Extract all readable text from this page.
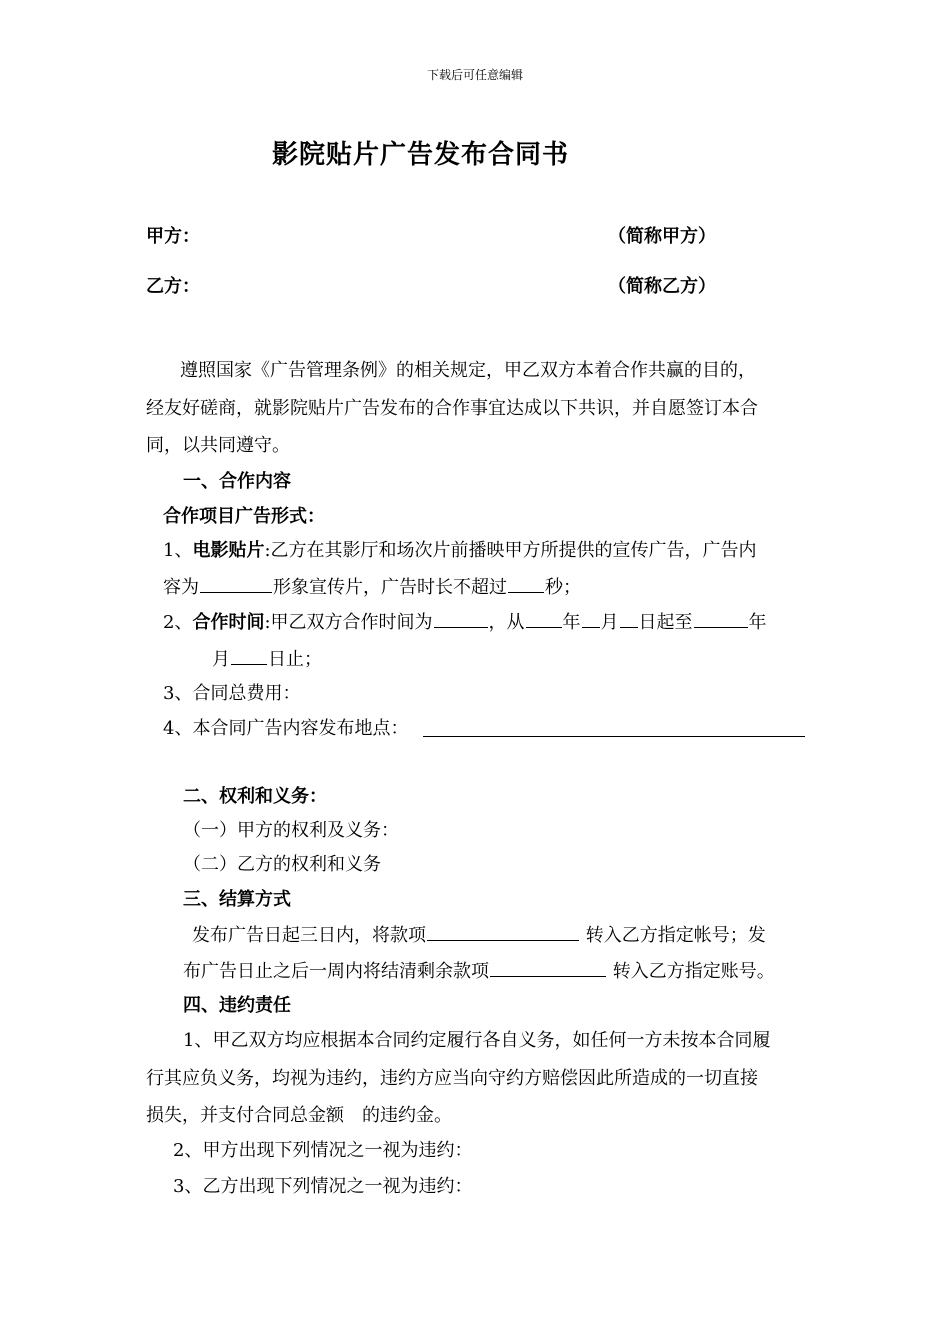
下载后可任意编辑
影院贴片广告发布合同书
甲方：	（简称甲方）
乙方：	（简称乙方）
遵照国家《广告管理条例》的相关规定，甲乙双方本着合作共赢的目的，
经友好磋商，就影院贴片广告发布的合作事宜达成以下共识，并自愿签订本合
同，以共同遵守。
一、合作内容
合作项目广告形式：
1、电影贴片:乙方在其影厅和场次片前播映甲方所提供的宣传广告，广告内
容为	形象宣传片，广告时长不超过 秒；
2、合作时间:甲乙双方合作时间为	，从 年 月 日起至	年
月 日止；
3、合同总费用：
4、本合同广告内容发布地点：
二、权利和义务：
（一）甲方的权利及义务：
（二）乙方的权利和义务
三、结算方式
发布广告日起三日内，将款项	转入乙方指定帐号；发
布广告日止之后一周内将结清剩余款项	转入乙方指定账号。
四、违约责任
1、甲乙双方均应根据本合同约定履行各自义务，如任何一方未按本合同履
行其应负义务，均视为违约，违约方应当向守约方赔偿因此所造成的一切直接
损失，并支付合同总金额　的违约金。
2、甲方出现下列情况之一视为违约：
3、乙方出现下列情况之一视为违约：
